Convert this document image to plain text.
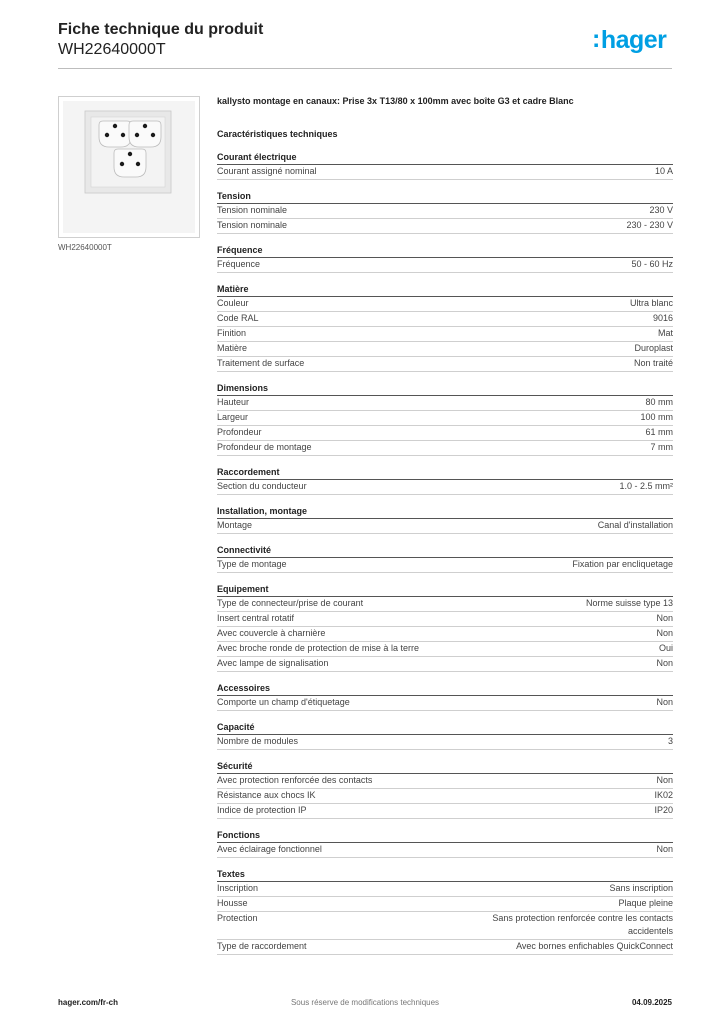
Fiche technique du produit
WH22640000T	:hager
WH22640000T
kallysto montage en canaux: Prise 3x T13/80 x 100mm avec boîte G3 et cadre Blanc
Caractéristiques techniques
Courant électrique
Courant assigné nominal	10 A
Tension
Tension nominale	230 V
Tension nominale	230 - 230 V
Fréquence
Fréquence	50 - 60 Hz
Matière
Couleur	Ultra blanc
Code RAL	9016
Finition	Mat
Matière	Duroplast
Traitement de surface	Non traité
Dimensions
Hauteur	80 mm
Largeur	100 mm
Profondeur	61 mm
Profondeur de montage	7 mm
Raccordement
Section du conducteur	1.0 - 2.5 mm²
Installation, montage
Montage	Canal d'installation
Connectivité
Type de montage	Fixation par encliquetage
Equipement
Type de connecteur/prise de courant	Norme suisse type 13
Insert central rotatif	Non
Avec couvercle à charnière	Non
Avec broche ronde de protection de mise à la terre	Oui
Avec lampe de signalisation	Non
Accessoires
Comporte un champ d'étiquetage	Non
Capacité
Nombre de modules	3
Sécurité
Avec protection renforcée des contacts	Non
Résistance aux chocs IK	IK02
Indice de protection IP	IP20
Fonctions
Avec éclairage fonctionnel	Non
Textes
Inscription	Sans inscription
Housse	Plaque pleine
Protection	Sans protection renforcée contre les contacts accidentels
Type de raccordement	Avec bornes enfichables QuickConnect
Sous réserve de modifications techniques
hager.com/fr-ch	04.09.2025
